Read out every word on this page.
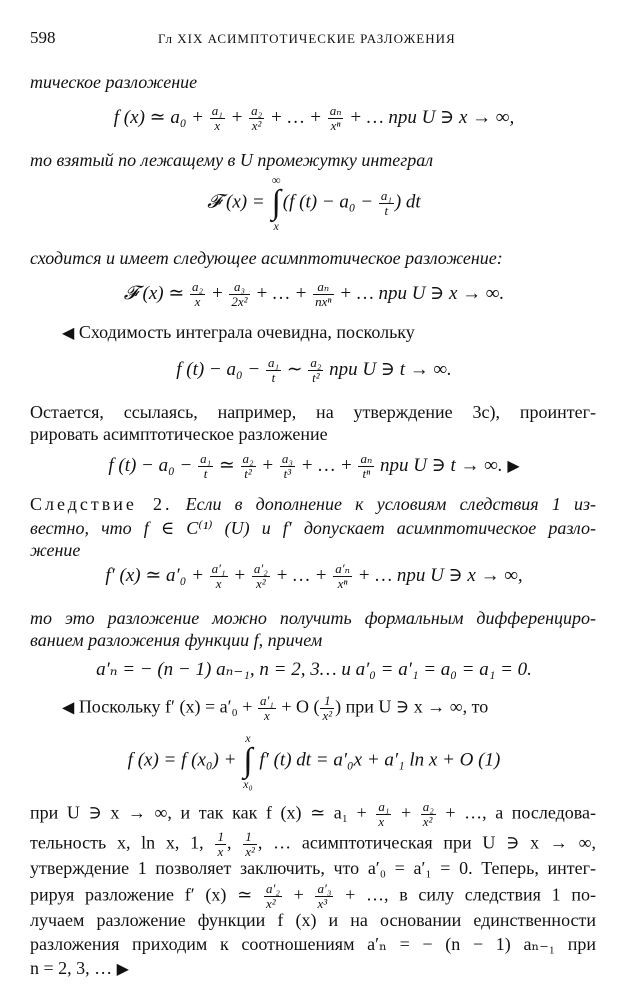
598	Гл XIX АСИМПТОТИЧЕСКИЕ РАЗЛОЖЕНИЯ
тическое разложение
f (x) ≃ $a_0 + \frac{\text{a₁}}{x} + \frac{\text{a₂}}{\text{x²}}$ + … + $\frac{\text{aₙ}}{\text{xⁿ}}$ + … при U ∋ x → ∞,
то взятый по лежащему в U промежутку интеграл
𝓕 (x) = ∞
∫
x(f $(t) - a_0 - \frac{\text{a₁}}{t}$ ) dt
сходится и имеет следующее асимптотическое разложение:
𝓕 (x) ≃ $\frac{\text{a₂}}{x} + \frac{\text{a₃}}{\text{2x²}}$ + … + $\frac{\text{aₙ}}{\text{nxⁿ}}$ + … при U ∋ x → ∞.
◀ Сходимость интеграла очевидна, поскольку
f $(t) - a_0 - \frac{\text{a₁}}{t}$ ∼ $\frac{\text{a₂}}{\text{t²}}$ при U ∋ t → ∞.
Остается, ссылаясь, например, на утверждение 3c), проинтег-
рировать асимптотическое разложение
f $(t) - a_0 - \frac{\text{a₁}}{t}$ ≃ $\frac{\text{a₂}}{\text{t²}} + \frac{\text{a₃}}{\text{t³}}$ + … + $\frac{\text{aₙ}}{\text{tⁿ}}$ при U ∋ t → ∞. ▶
Следствие 2. Если в дополнение к условиям следствия 1 из-
вестно, что f ∈ C⁽¹⁾ (U) и f′ допускает асимптотическое разло-
жение
f′ (x) ≃ $a'_0 + \frac{\text{a′₁}}{x} + \frac{\text{a′₂}}{\text{x²}}$ + … + $\frac{\text{a′ₙ}}{\text{xⁿ}}$ + … при U ∋ x → ∞,
то это разложение можно получить формальным дифференциро-
ванием разложения функции f, причем
a′ₙ = − (n − 1) aₙ₋₁, n = 2, 3… и a′₀ = a′₁ = a₀ = a₁ = 0.
◀ Поскольку f′ $(x) = a'_0 + \frac{\text{a′₁}}{x} + O$ ( $\frac{1}{\text{x²}}$ ) при U ∋ x → ∞, то
f (x) = f (x₀) + x
∫
x₀ f′ (t) dt = a′₀x + a′₁ ln x + O (1)
при U ∋ x → ∞, и так как f (x) ≃ $a_1 + \frac{\text{a₁}}{x} + \frac{\text{a₂}}{\text{x²}}$ + …, а последова-
тельность x, ln x, 1, $\frac{1}{x}$ , $\frac{1}{\text{x²}}$ , … асимптотическая при U ∋ x → ∞,
утверждение 1 позволяет заключить, что a′₀ = a′₁ = 0. Теперь, интег-
рируя разложение f′ (x) ≃ $\frac{\text{a′₂}}{\text{x²}} + \frac{\text{a′₃}}{\text{x³}}$ + …, в силу следствия 1 по-
лучаем разложение функции f (x) и на основании единственности
разложения приходим к соотношениям a′ₙ = − (n − 1) aₙ₋₁ при
n = 2, 3, … ▶
